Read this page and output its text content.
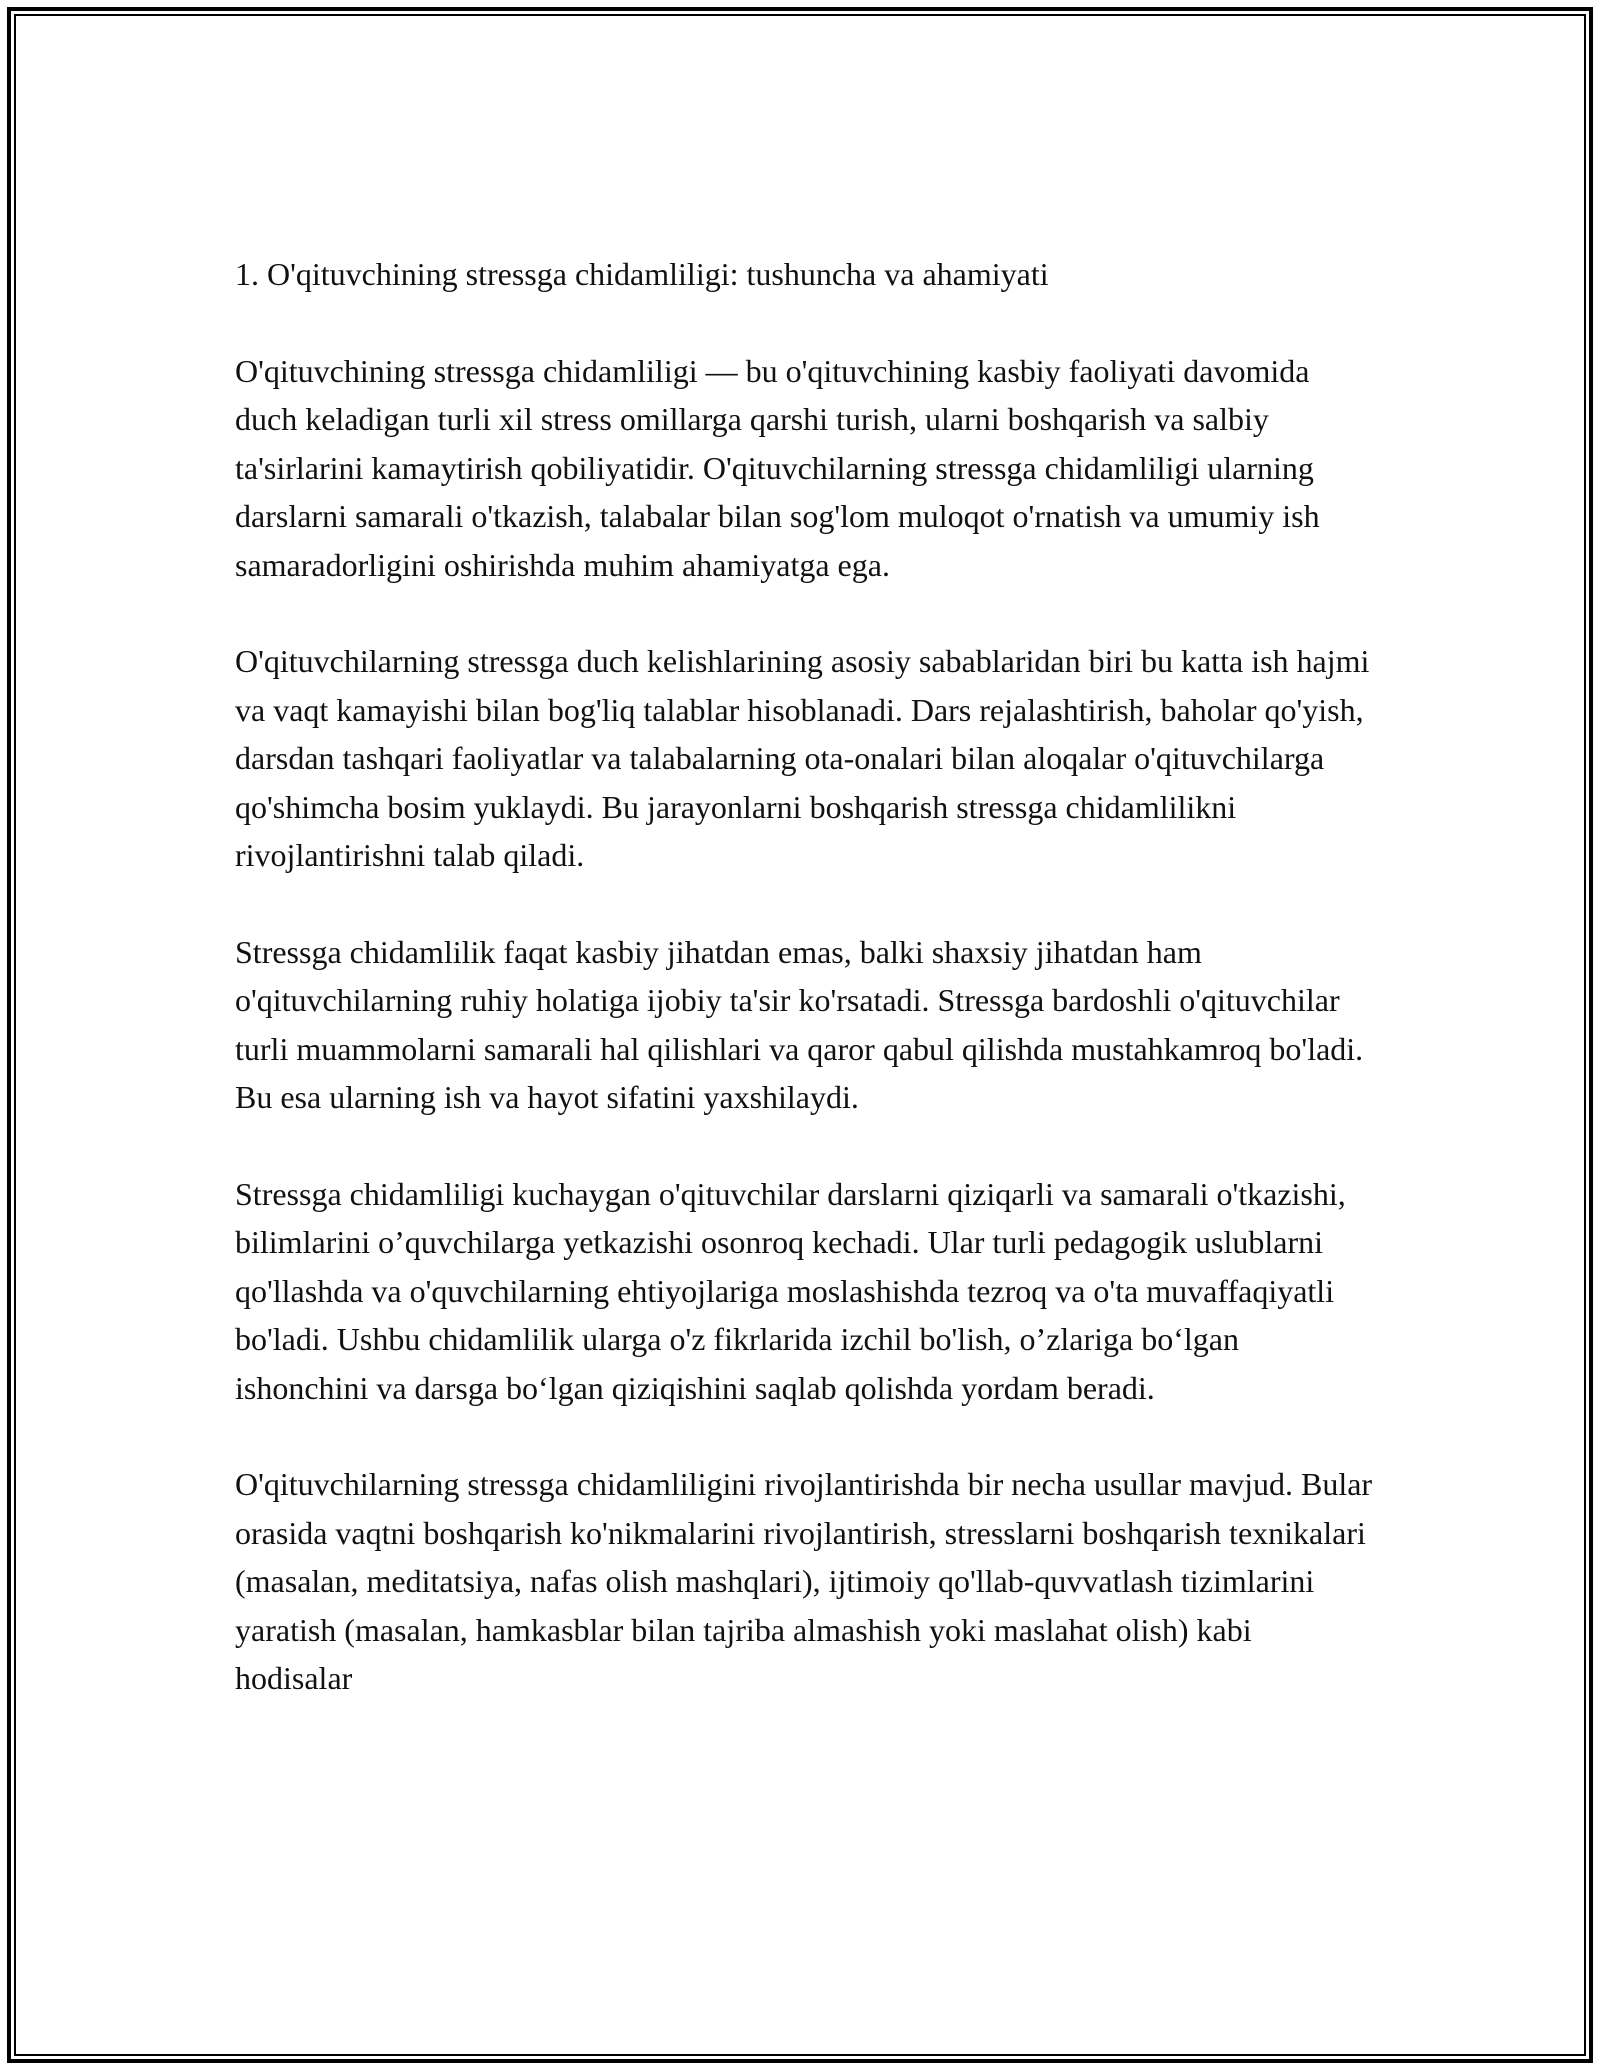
1. O'qituvchining stressga chidamliligi: tushuncha va ahamiyati

O'qituvchining stressga chidamliligi — bu o'qituvchining kasbiy faoliyati davomida duch keladigan turli xil stress omillarga qarshi turish, ularni boshqarish va salbiy ta'sirlarini kamaytirish qobiliyatidir. O'qituvchilarning stressga chidamliligi ularning darslarni samarali o'tkazish, talabalar bilan sog'lom muloqot o'rnatish va umumiy ish samaradorligini oshirishda muhim ahamiyatga ega.

O'qituvchilarning stressga duch kelishlarining asosiy sabablaridan biri bu katta ish hajmi va vaqt kamayishi bilan bog'liq talablar hisoblanadi. Dars rejalashtirish, baholar qo'yish, darsdan tashqari faoliyatlar va talabalarning ota-onalari bilan aloqalar o'qituvchilarga qo'shimcha bosim yuklaydi. Bu jarayonlarni boshqarish stressga chidamlilikni rivojlantirishni talab qiladi.

Stressga chidamlilik faqat kasbiy jihatdan emas, balki shaxsiy jihatdan ham o'qituvchilarning ruhiy holatiga ijobiy ta'sir ko'rsatadi. Stressga bardoshli o'qituvchilar turli muammolarni samarali hal qilishlari va qaror qabul qilishda mustahkamroq bo'ladi. Bu esa ularning ish va hayot sifatini yaxshilaydi.

Stressga chidamliligi kuchaygan o'qituvchilar darslarni qiziqarli va samarali o'tkazishi, bilimlarini o’quvchilarga yetkazishi osonroq kechadi. Ular turli pedagogik uslublarni qo'llashda va o'quvchilarning ehtiyojlariga moslashishda tezroq va o'ta muvaffaqiyatli bo'ladi. Ushbu chidamlilik ularga o'z fikrlarida izchil bo'lish, o’zlariga bo‘lgan ishonchini va darsga bo‘lgan qiziqishini saqlab qolishda yordam beradi.

O'qituvchilarning stressga chidamliligini rivojlantirishda bir necha usullar mavjud. Bular orasida vaqtni boshqarish ko'nikmalarini rivojlantirish, stresslarni boshqarish texnikalari (masalan, meditatsiya, nafas olish mashqlari), ijtimoiy qo'llab-quvvatlash tizimlarini yaratish (masalan, hamkasblar bilan tajriba almashish yoki maslahat olish) kabi hodisalar
